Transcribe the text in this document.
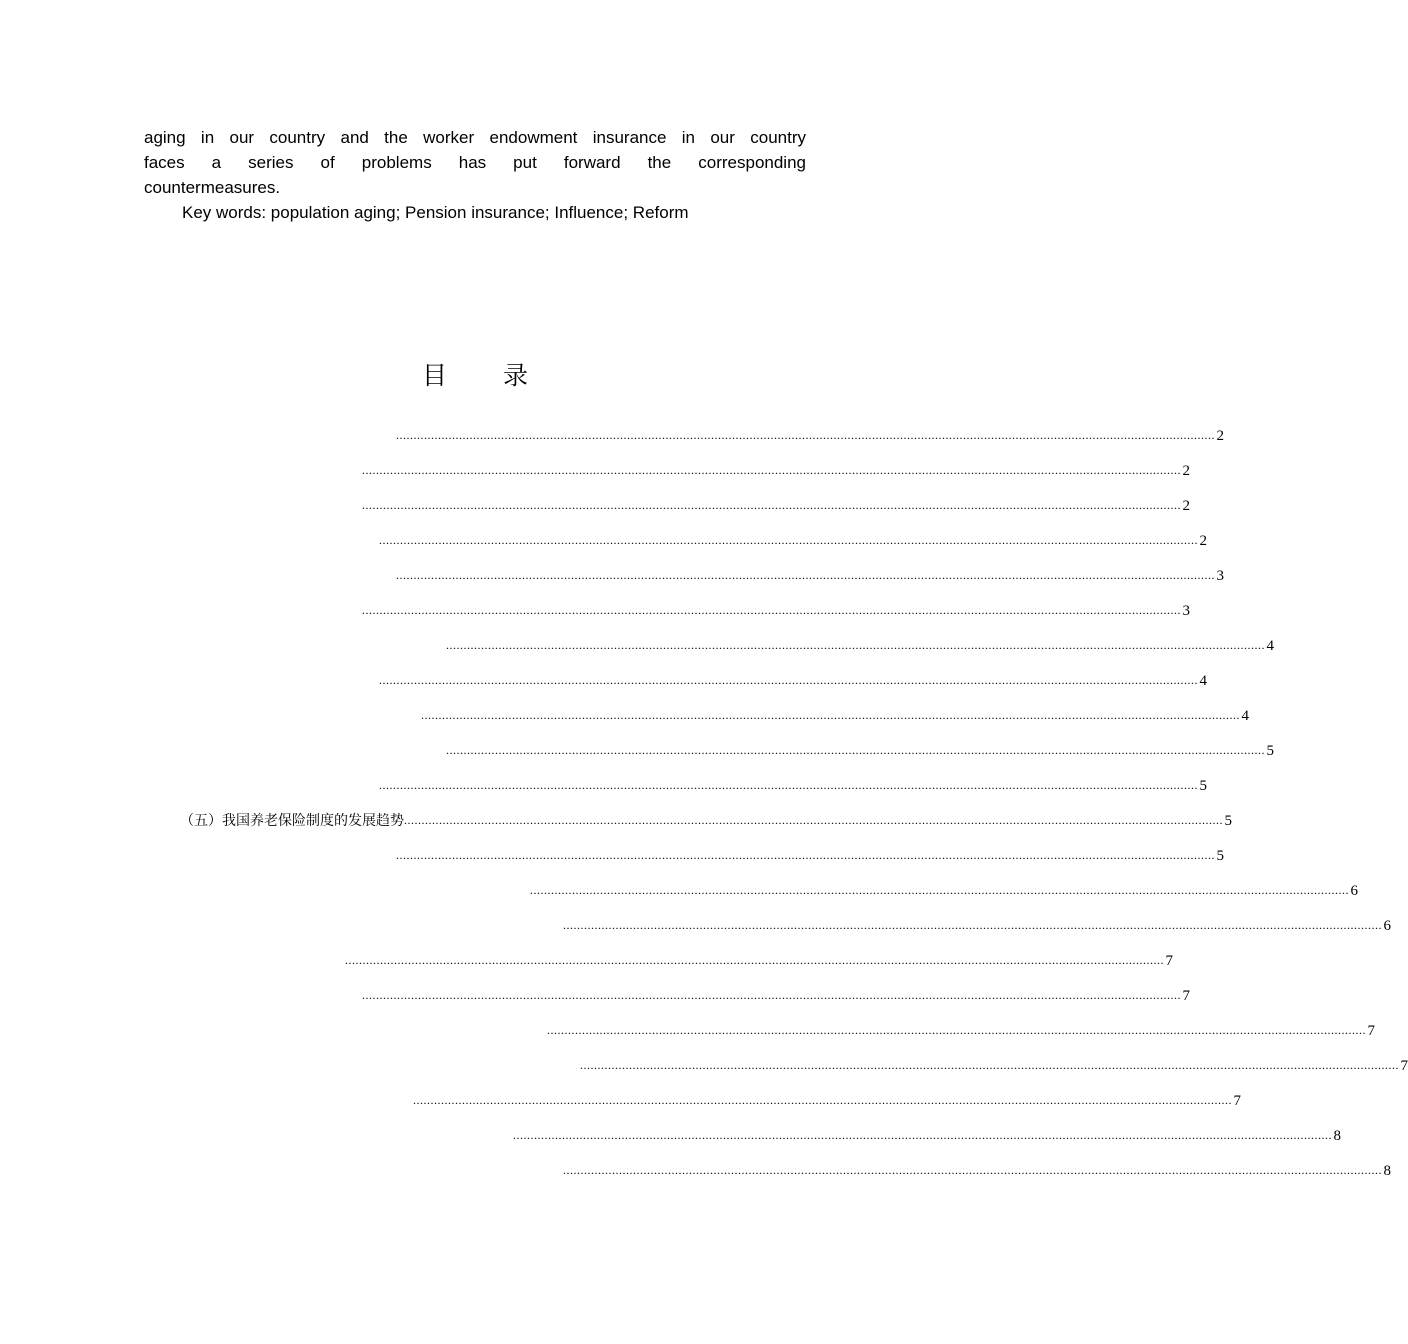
aging in our country and the worker endowment insurance in our country
faces a series of problems has put forward the corresponding
countermeasures.
Key words: population aging; Pension insurance; Influence; Reform
目 录
.......................................................................................................................................................................................................................................... 2
.......................................................................................................................................................................................................................................... 2
.......................................................................................................................................................................................................................................... 2
.......................................................................................................................................................................................................................................... 2
.......................................................................................................................................................................................................................................... 3
.......................................................................................................................................................................................................................................... 3
.......................................................................................................................................................................................................................................... 4
.......................................................................................................................................................................................................................................... 4
.......................................................................................................................................................................................................................................... 4
.......................................................................................................................................................................................................................................... 5
.......................................................................................................................................................................................................................................... 5
（五）我国养老保险制度的发展趋势 .......................................................................................................................................................................................................................................... 5
.......................................................................................................................................................................................................................................... 5
.......................................................................................................................................................................................................................................... 6
.......................................................................................................................................................................................................................................... 6
.......................................................................................................................................................................................................................................... 7
.......................................................................................................................................................................................................................................... 7
.......................................................................................................................................................................................................................................... 7
.......................................................................................................................................................................................................................................... 7
.......................................................................................................................................................................................................................................... 7
.......................................................................................................................................................................................................................................... 8
.......................................................................................................................................................................................................................................... 8
